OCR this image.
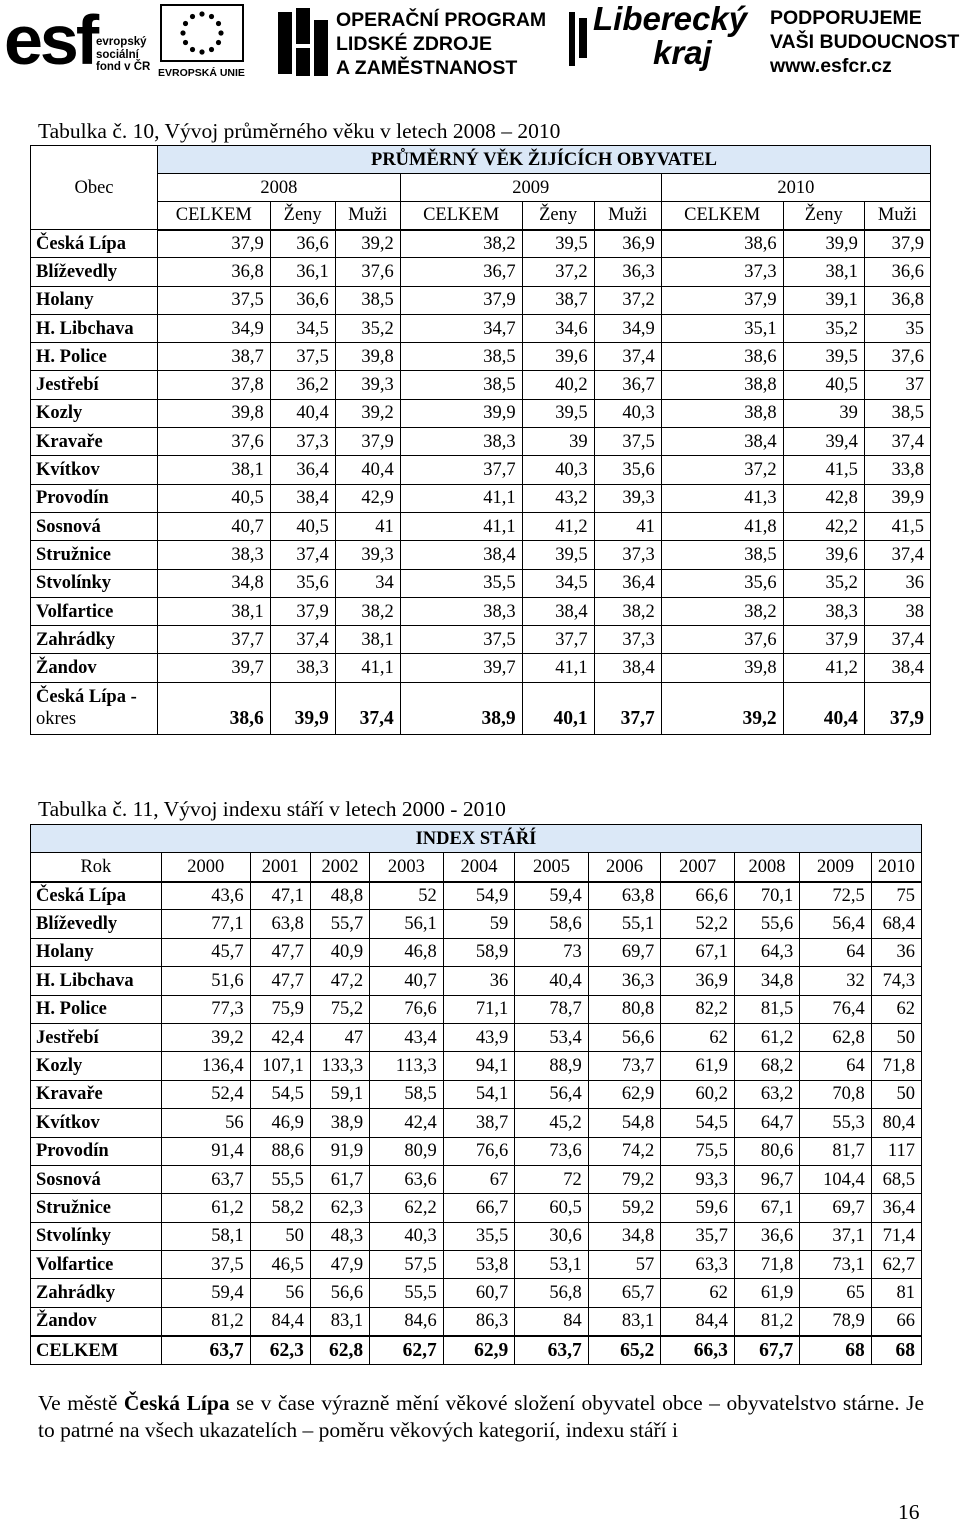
esf evropský
sociální
fond v ČR EVROPSKÁ UNIE
OPERAČNÍ PROGRAM
LIDSKÉ ZDROJE
A ZAMĚSTNANOST
Liberecký
kraj
PODPORUJEME
VAŠI BUDOUCNOST
www.esfcr.cz
Tabulka č. 10, Vývoj průměrného věku v letech 2008 – 2010
Obec	PRŮMĚRNÝ VĚK ŽIJÍCÍCH OBYVATEL								
	2008			2009			2010		
	CELKEM	Ženy	Muži	CELKEM	Ženy	Muži	CELKEM	Ženy	Muži
Česká Lípa	37,9	36,6	39,2	38,2	39,5	36,9	38,6	39,9	37,9
Blíževedly	36,8	36,1	37,6	36,7	37,2	36,3	37,3	38,1	36,6
Holany	37,5	36,6	38,5	37,9	38,7	37,2	37,9	39,1	36,8
H. Libchava	34,9	34,5	35,2	34,7	34,6	34,9	35,1	35,2	35
H. Police	38,7	37,5	39,8	38,5	39,6	37,4	38,6	39,5	37,6
Jestřebí	37,8	36,2	39,3	38,5	40,2	36,7	38,8	40,5	37
Kozly	39,8	40,4	39,2	39,9	39,5	40,3	38,8	39	38,5
Kravaře	37,6	37,3	37,9	38,3	39	37,5	38,4	39,4	37,4
Kvítkov	38,1	36,4	40,4	37,7	40,3	35,6	37,2	41,5	33,8
Provodín	40,5	38,4	42,9	41,1	43,2	39,3	41,3	42,8	39,9
Sosnová	40,7	40,5	41	41,1	41,2	41	41,8	42,2	41,5
Stružnice	38,3	37,4	39,3	38,4	39,5	37,3	38,5	39,6	37,4
Stvolínky	34,8	35,6	34	35,5	34,5	36,4	35,6	35,2	36
Volfartice	38,1	37,9	38,2	38,3	38,4	38,2	38,2	38,3	38
Zahrádky	37,7	37,4	38,1	37,5	37,7	37,3	37,6	37,9	37,4
Žandov	39,7	38,3	41,1	39,7	41,1	38,4	39,8	41,2	38,4

Česká Lípa -
okres	38,6	39,9	37,4	38,9	40,1	37,7	39,2	40,4	37,9
Tabulka č. 11, Vývoj indexu stáří v letech 2000 - 2010
INDEX STÁŘÍ											
Rok	2000	2001	2002	2003	2004	2005	2006	2007	2008	2009	2010
Česká Lípa	43,6	47,1	48,8	52	54,9	59,4	63,8	66,6	70,1	72,5	75
Blíževedly	77,1	63,8	55,7	56,1	59	58,6	55,1	52,2	55,6	56,4	68,4
Holany	45,7	47,7	40,9	46,8	58,9	73	69,7	67,1	64,3	64	36
H. Libchava	51,6	47,7	47,2	40,7	36	40,4	36,3	36,9	34,8	32	74,3
H. Police	77,3	75,9	75,2	76,6	71,1	78,7	80,8	82,2	81,5	76,4	62
Jestřebí	39,2	42,4	47	43,4	43,9	53,4	56,6	62	61,2	62,8	50
Kozly	136,4	107,1	133,3	113,3	94,1	88,9	73,7	61,9	68,2	64	71,8
Kravaře	52,4	54,5	59,1	58,5	54,1	56,4	62,9	60,2	63,2	70,8	50
Kvítkov	56	46,9	38,9	42,4	38,7	45,2	54,8	54,5	64,7	55,3	80,4
Provodín	91,4	88,6	91,9	80,9	76,6	73,6	74,2	75,5	80,6	81,7	117
Sosnová	63,7	55,5	61,7	63,6	67	72	79,2	93,3	96,7	104,4	68,5
Stružnice	61,2	58,2	62,3	62,2	66,7	60,5	59,2	59,6	67,1	69,7	36,4
Stvolínky	58,1	50	48,3	40,3	35,5	30,6	34,8	35,7	36,6	37,1	71,4
Volfartice	37,5	46,5	47,9	57,5	53,8	53,1	57	63,3	71,8	73,1	62,7
Zahrádky	59,4	56	56,6	55,5	60,7	56,8	65,7	62	61,9	65	81
Žandov	81,2	84,4	83,1	84,6	86,3	84	83,1	84,4	81,2	78,9	66
CELKEM	63,7	62,3	62,8	62,7	62,9	63,7	65,2	66,3	67,7	68	68
Ve městě Česká Lípa se v čase výrazně mění věkové složení obyvatel obce – obyvatelstvo stárne. Je to patrné na všech ukazatelích – poměru věkových kategorií, indexu stáří i
16
